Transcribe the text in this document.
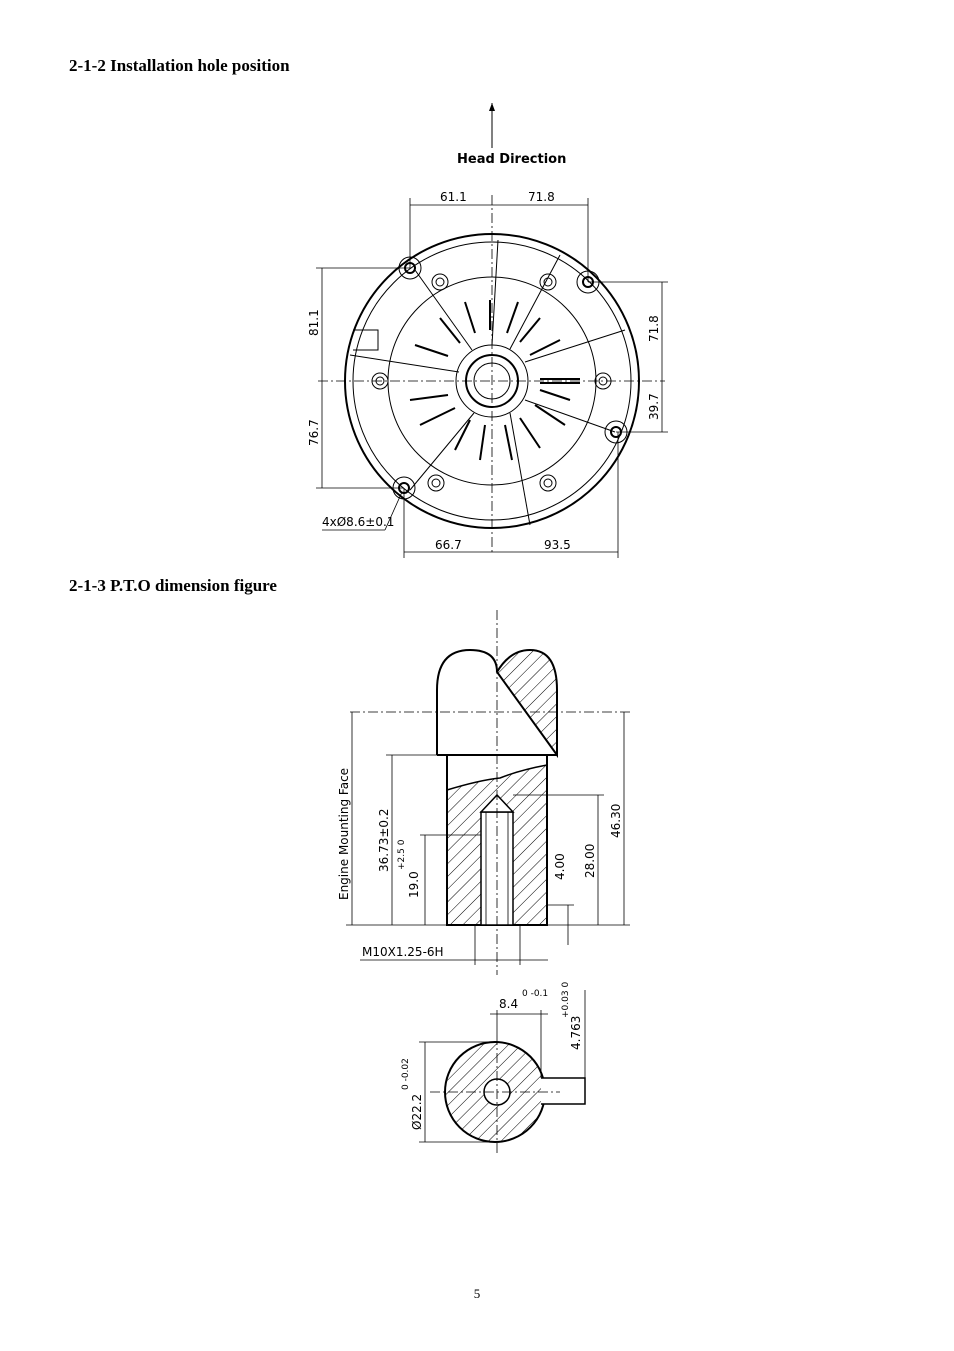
2-1-2 Installation hole position
2-1-3 P.T.O dimension figure
5
Head Direction
61.1	71.8
81.1
76.7
71.8
39.7
66.7	93.5
4xØ8.6±0.1
Engine Mounting Face 36.73±0.2
19.0
+2.5 0	4.00 28.00
46.30
M10X1.25-6H
8.4
0 -0.1
4.763
+0.03 0
Ø22.2
0 -0.02
